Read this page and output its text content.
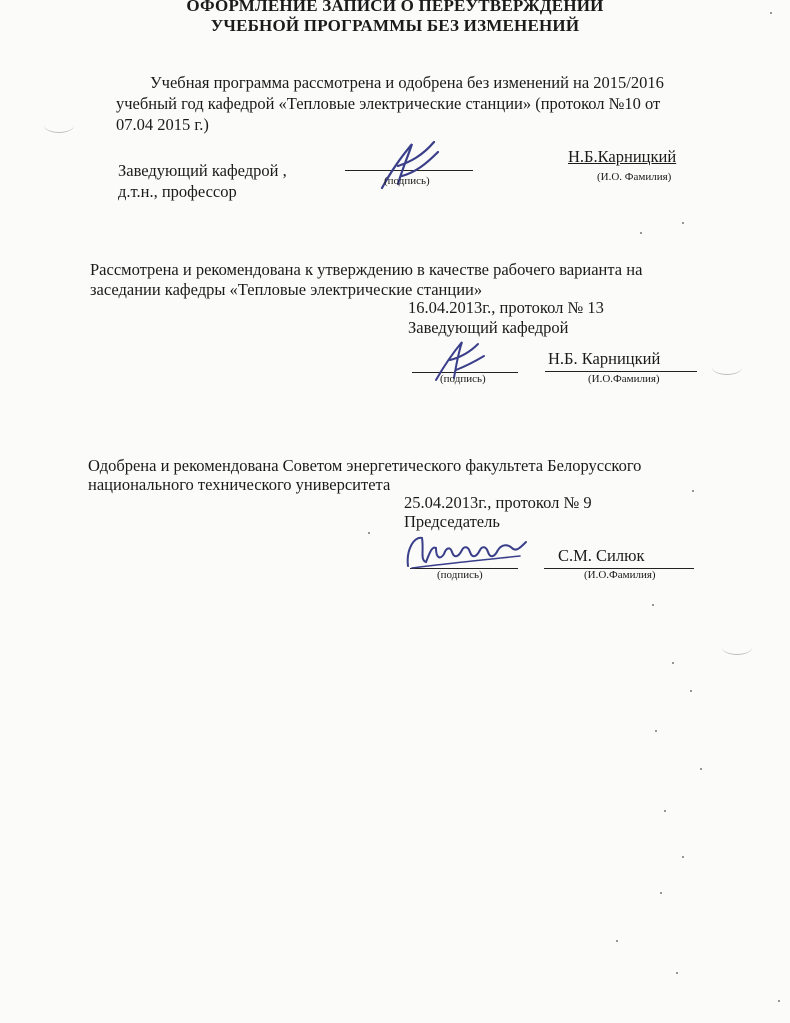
ОФОРМЛЕНИЕ ЗАПИСИ О ПЕРЕУТВЕРЖДЕНИИ
УЧЕБНОЙ ПРОГРАММЫ БЕЗ ИЗМЕНЕНИЙ
Учебная программа рассмотрена и одобрена без изменений на 2015/2016
учебный год кафедрой «Тепловые электрические станции» (протокол №10 от
07.04 2015 г.)
Заведующий кафедрой ,
д.т.н., профессор
(подпись)
Н.Б.Карницкий
(И.О. Фамилия)
Рассмотрена и рекомендована к утверждению в качестве рабочего варианта на
заседании кафедры «Тепловые электрические станции»
16.04.2013г., протокол № 13
Заведующий кафедрой
(подпись)
Н.Б. Карницкий
(И.О.Фамилия)
Одобрена и рекомендована Советом энергетического факультета Белорусского
национального технического университета
25.04.2013г., протокол № 9
Председатель
(подпись)
С.М. Силюк
(И.О.Фамилия)
